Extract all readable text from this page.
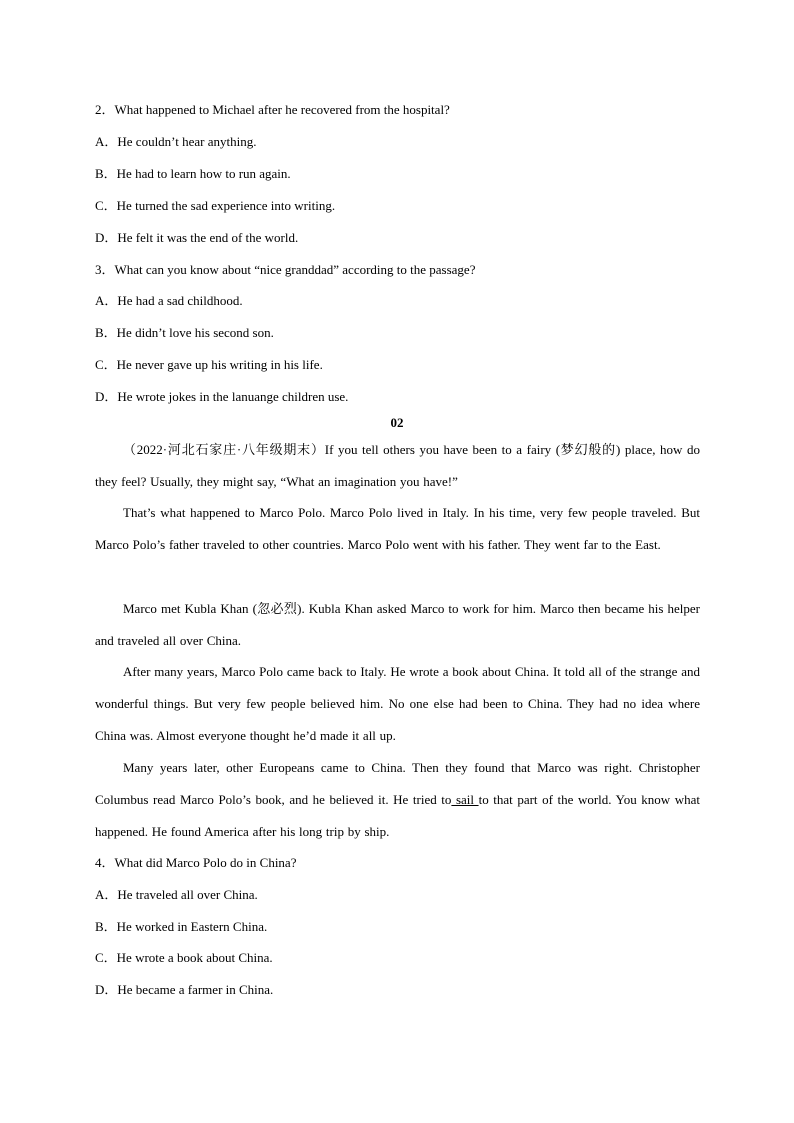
2．What happened to Michael after he recovered from the hospital?
A．He couldn’t hear anything.
B．He had to learn how to run again.
C．He turned the sad experience into writing.
D．He felt it was the end of the world.
3．What can you know about “nice granddad” according to the passage?
A．He had a sad childhood.
B．He didn’t love his second son.
C．He never gave up his writing in his life.
D．He wrote jokes in the lanuange children use.
02
（2022·河北石家庄·八年级期末）If you tell others you have been to a fairy (梦幻般的) place, how do they feel? Usually, they might say, “What an imagination you have!”
That’s what happened to Marco Polo. Marco Polo lived in Italy. In his time, very few people traveled. But Marco Polo’s father traveled to other countries. Marco Polo went with his father. They went far to the East.
Marco met Kubla Khan (忽必烈). Kubla Khan asked Marco to work for him. Marco then became his helper and traveled all over China.
After many years, Marco Polo came back to Italy. He wrote a book about China. It told all of the strange and wonderful things. But very few people believed him. No one else had been to China. They had no idea where China was. Almost everyone thought he’d made it all up.
Many years later, other Europeans came to China. Then they found that Marco was right. Christopher Columbus read Marco Polo’s book, and he believed it. He tried to sail to that part of the world. You know what happened. He found America after his long trip by ship.
4．What did Marco Polo do in China?
A．He traveled all over China.
B．He worked in Eastern China.
C．He wrote a book about China.
D．He became a farmer in China.
